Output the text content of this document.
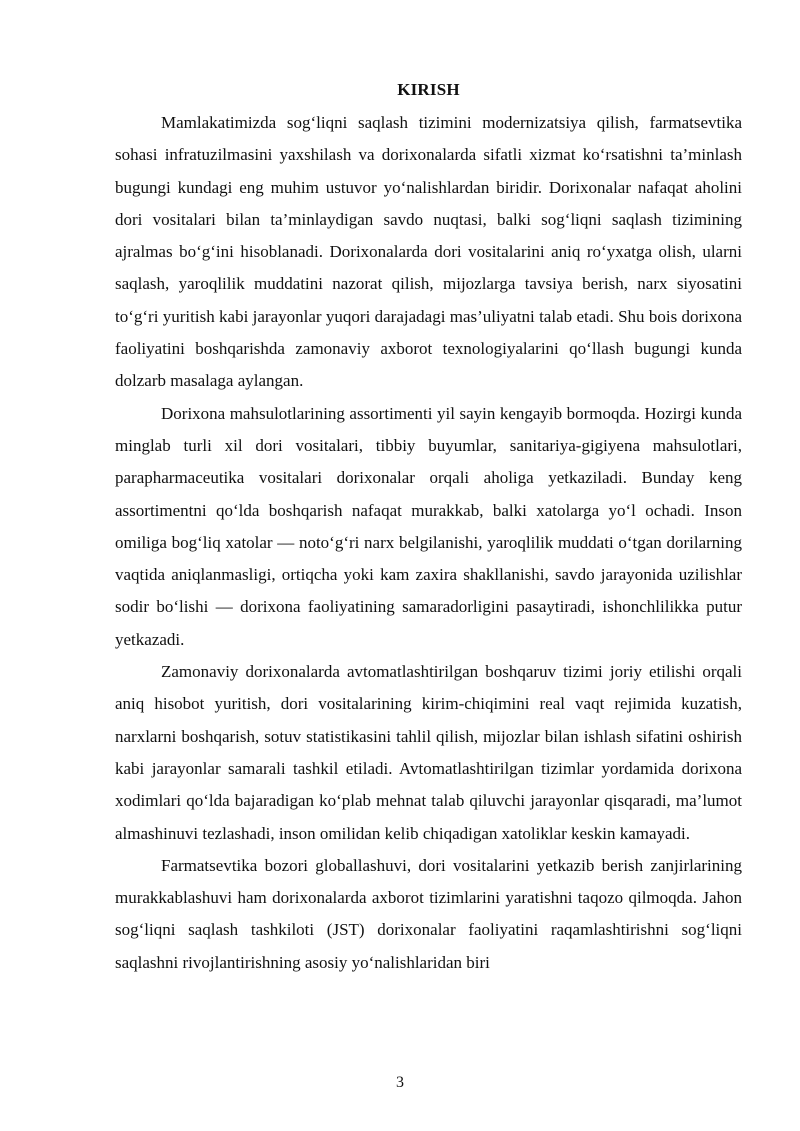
KIRISH

Mamlakatimizda sog‘liqni saqlash tizimini modernizatsiya qilish, farmatsevtika sohasi infratuzilmasini yaxshilash va dorixonalarda sifatli xizmat ko‘rsatishni ta’minlash bugungi kundagi eng muhim ustuvor yo‘nalishlardan biridir. Dorixonalar nafaqat aholini dori vositalari bilan ta’minlaydigan savdo nuqtasi, balki sog‘liqni saqlash tizimining ajralmas bo‘g‘ini hisoblanadi. Dorixonalarda dori vositalarini aniq ro‘yxatga olish, ularni saqlash, yaroqlilik muddatini nazorat qilish, mijozlarga tavsiya berish, narx siyosatini to‘g‘ri yuritish kabi jarayonlar yuqori darajadagi mas’uliyatni talab etadi. Shu bois dorixona faoliyatini boshqarishda zamonaviy axborot texnologiyalarini qo‘llash bugungi kunda dolzarb masalaga aylangan.

Dorixona mahsulotlarining assortimenti yil sayin kengayib bormoqda. Hozirgi kunda minglab turli xil dori vositalari, tibbiy buyumlar, sanitariya-gigiyena mahsulotlari, parapharmaceutika vositalari dorixonalar orqali aholiga yetkaziladi. Bunday keng assortimentni qo‘lda boshqarish nafaqat murakkab, balki xatolarga yo‘l ochadi. Inson omiliga bog‘liq xatolar — noto‘g‘ri narx belgilanishi, yaroqlilik muddati o‘tgan dorilarning vaqtida aniqlanmasligi, ortiqcha yoki kam zaxira shakllanishi, savdo jarayonida uzilishlar sodir bo‘lishi — dorixona faoliyatining samaradorligini pasaytiradi, ishonchlilikka putur yetkazadi.

Zamonaviy dorixonalarda avtomatlashtirilgan boshqaruv tizimi joriy etilishi orqali aniq hisobot yuritish, dori vositalarining kirim-chiqimini real vaqt rejimida kuzatish, narxlarni boshqarish, sotuv statistikasini tahlil qilish, mijozlar bilan ishlash sifatini oshirish kabi jarayonlar samarali tashkil etiladi. Avtomatlashtirilgan tizimlar yordamida dorixona xodimlari qo‘lda bajaradigan ko‘plab mehnat talab qiluvchi jarayonlar qisqaradi, ma’lumot almashinuvi tezlashadi, inson omilidan kelib chiqadigan xatoliklar keskin kamayadi.

Farmatsevtika bozori globallashuvi, dori vositalarini yetkazib berish zanjirlarining murakkablashuvi ham dorixonalarda axborot tizimlarini yaratishni taqozo qilmoqda. Jahon sog‘liqni saqlash tashkiloti (JST) dorixonalar faoliyatini raqamlashtirishni sog‘liqni saqlashni rivojlantirishning asosiy yo‘nalishlaridan biri

3
